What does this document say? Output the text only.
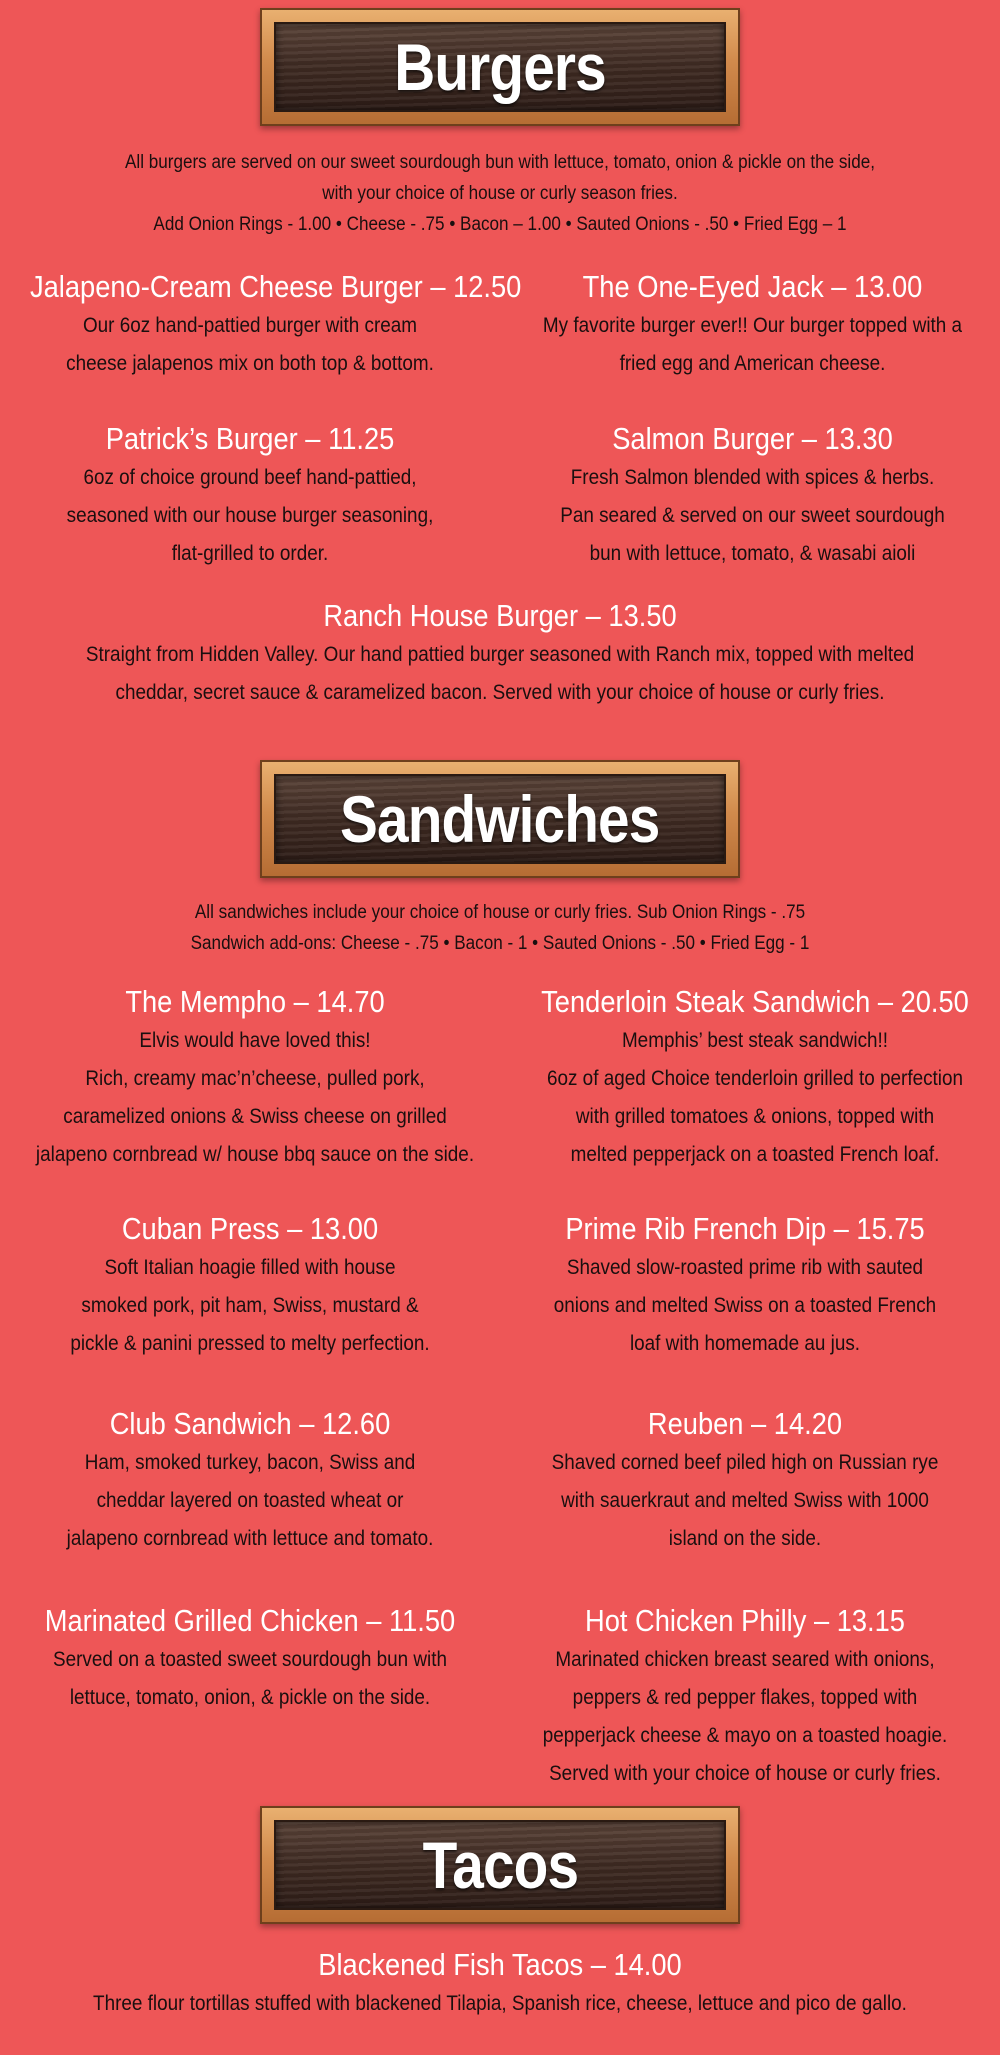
Burgers
All burgers are served on our sweet sourdough bun with lettuce, tomato, onion & pickle on the side,
with your choice of house or curly season fries.
Add Onion Rings - 1.00 • Cheese - .75 • Bacon – 1.00 • Sauted Onions - .50 • Fried Egg – 1
Jalapeno-Cream Cheese Burger – 12.50
Our 6oz hand-pattied burger with cream
cheese jalapenos mix on both top & bottom.
The One-Eyed Jack – 13.00
My favorite burger ever!! Our burger topped with a
fried egg and American cheese.
Patrick’s Burger – 11.25
6oz of choice ground beef hand-pattied,
seasoned with our house burger seasoning,
flat-grilled to order.
Salmon Burger – 13.30
Fresh Salmon blended with spices & herbs.
Pan seared & served on our sweet sourdough
bun with lettuce, tomato, & wasabi aioli
Ranch House Burger – 13.50
Straight from Hidden Valley. Our hand pattied burger seasoned with Ranch mix, topped with melted
cheddar, secret sauce & caramelized bacon. Served with your choice of house or curly fries.
Sandwiches
All sandwiches include your choice of house or curly fries. Sub Onion Rings - .75
Sandwich add-ons: Cheese - .75 • Bacon - 1 • Sauted Onions - .50 • Fried Egg - 1
The Mempho – 14.70
Elvis would have loved this!
Rich, creamy mac’n’cheese, pulled pork,
caramelized onions & Swiss cheese on grilled
jalapeno cornbread w/ house bbq sauce on the side.
Tenderloin Steak Sandwich – 20.50
Memphis’ best steak sandwich!!
6oz of aged Choice tenderloin grilled to perfection
with grilled tomatoes & onions, topped with
melted pepperjack on a toasted French loaf.
Cuban Press – 13.00
Soft Italian hoagie filled with house
smoked pork, pit ham, Swiss, mustard &
pickle & panini pressed to melty perfection.
Prime Rib French Dip – 15.75
Shaved slow-roasted prime rib with sauted
onions and melted Swiss on a toasted French
loaf with homemade au jus.
Club Sandwich – 12.60
Ham, smoked turkey, bacon, Swiss and
cheddar layered on toasted wheat or
jalapeno cornbread with lettuce and tomato.
Reuben – 14.20
Shaved corned beef piled high on Russian rye
with sauerkraut and melted Swiss with 1000
island on the side.
Marinated Grilled Chicken – 11.50
Served on a toasted sweet sourdough bun with
lettuce, tomato, onion, & pickle on the side.
Hot Chicken Philly – 13.15
Marinated chicken breast seared with onions,
peppers & red pepper flakes, topped with
pepperjack cheese & mayo on a toasted hoagie.
Served with your choice of house or curly fries.
Tacos
Blackened Fish Tacos – 14.00
Three flour tortillas stuffed with blackened Tilapia, Spanish rice, cheese, lettuce and pico de gallo.
